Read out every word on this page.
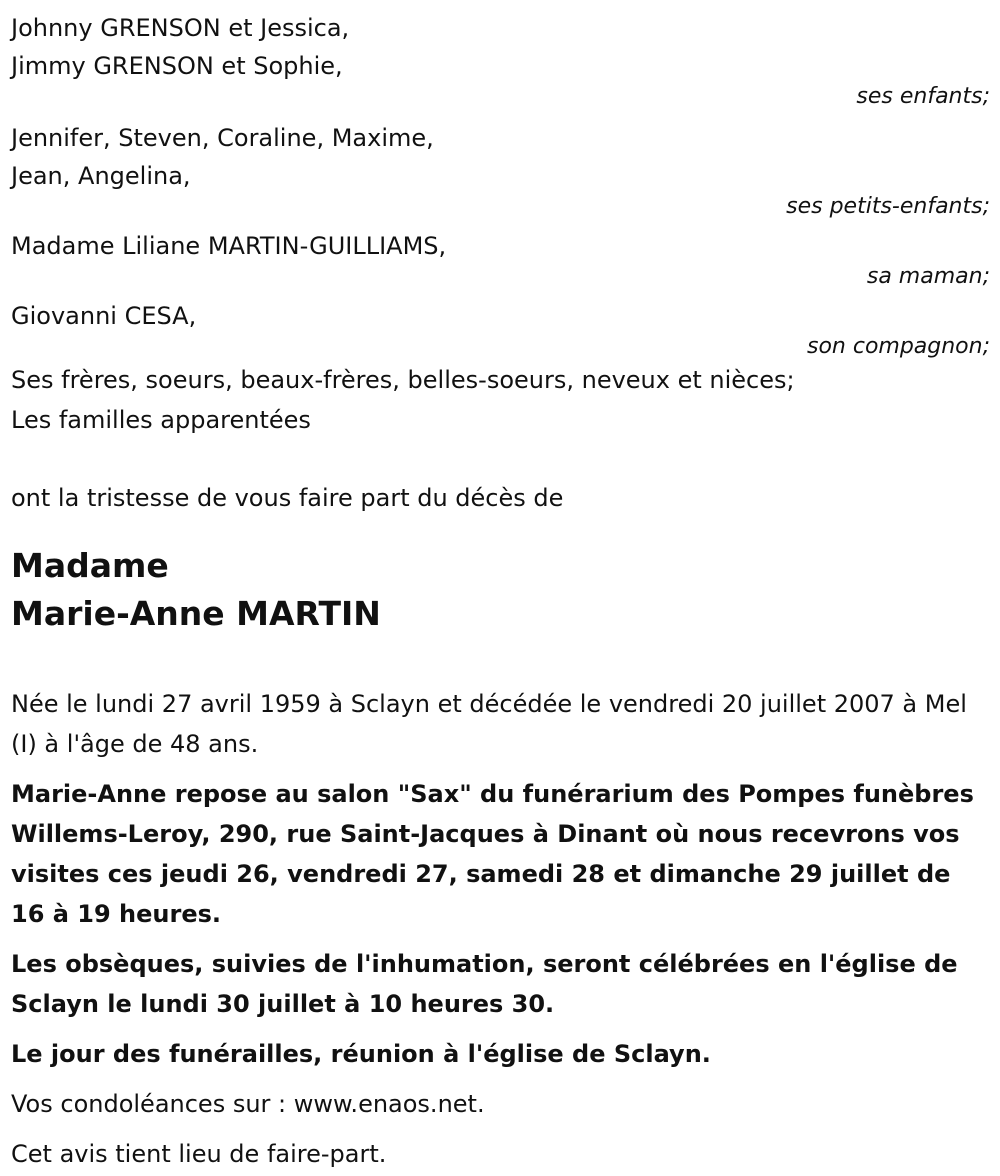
Johnny GRENSON et Jessica,

Jimmy GRENSON et Sophie,

ses enfants;

Jennifer, Steven, Coraline, Maxime,

Jean, Angelina,

ses petits-enfants;

Madame Liliane MARTIN-GUILLIAMS,

sa maman;

Giovanni CESA,

son compagnon;

Ses frères, soeurs, beaux-frères, belles-soeurs, neveux et nièces;

Les familles apparentées

ont la tristesse de vous faire part du décès de

Madame

Marie-Anne MARTIN

Née le lundi 27 avril 1959 à Sclayn et décédée le vendredi 20 juillet 2007 à Mel (I) à l'âge de 48 ans.

Marie-Anne repose au salon "Sax" du funérarium des Pompes funèbres Willems-Leroy, 290, rue Saint-Jacques à Dinant où nous recevrons vos visites ces jeudi 26, vendredi 27, samedi 28 et dimanche 29 juillet de 16 à 19 heures.

Les obsèques, suivies de l'inhumation, seront célébrées en l'église de Sclayn le lundi 30 juillet à 10 heures 30.

Le jour des funérailles, réunion à l'église de Sclayn.

Vos condoléances sur : www.enaos.net.

Cet avis tient lieu de faire-part.
